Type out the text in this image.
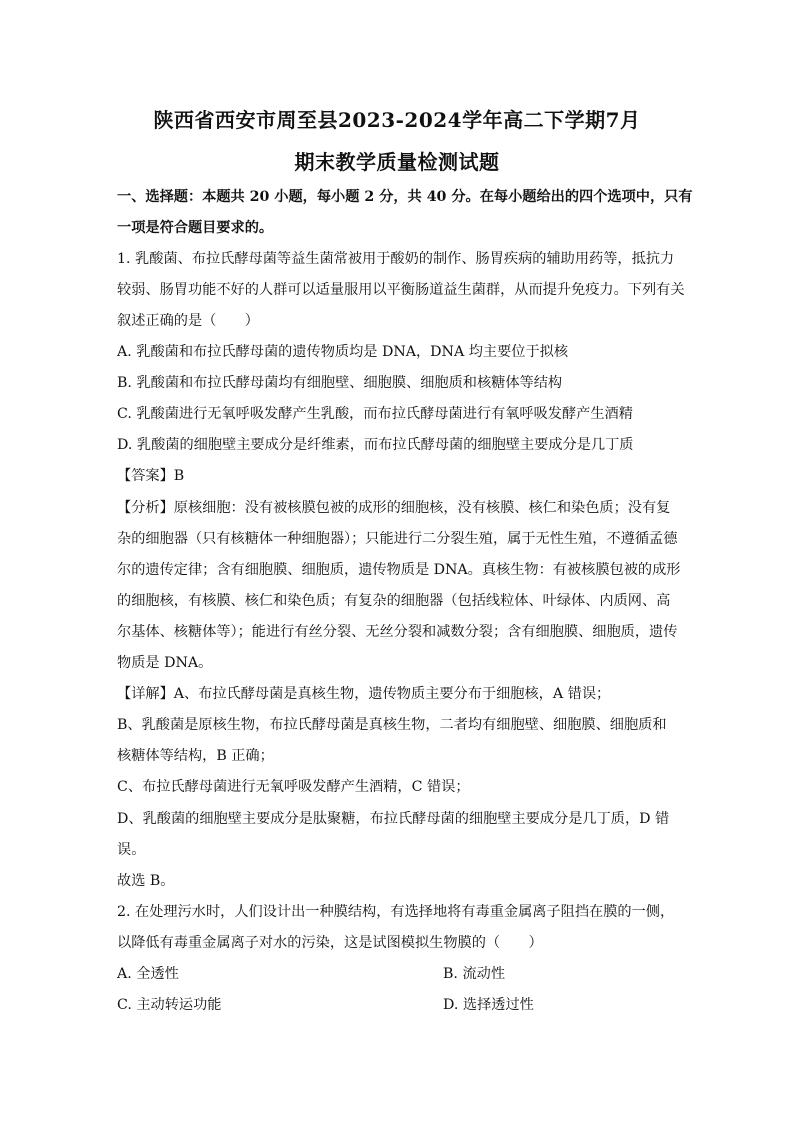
陕西省西安市周至县2023-2024学年高二下学期7月
期末教学质量检测试题
一、选择题：本题共 20 小题，每小题 2 分，共 40 分。在每小题给出的四个选项中，只有
一项是符合题目要求的。
1. 乳酸菌、布拉氏酵母菌等益生菌常被用于酸奶的制作、肠胃疾病的辅助用药等，抵抗力
较弱、肠胃功能不好的人群可以适量服用以平衡肠道益生菌群，从而提升免疫力。下列有关
叙述正确的是（　　）
A. 乳酸菌和布拉氏酵母菌的遗传物质均是 DNA，DNA 均主要位于拟核
B. 乳酸菌和布拉氏酵母菌均有细胞壁、细胞膜、细胞质和核糖体等结构
C. 乳酸菌进行无氧呼吸发酵产生乳酸，而布拉氏酵母菌进行有氧呼吸发酵产生酒精
D. 乳酸菌的细胞壁主要成分是纤维素，而布拉氏酵母菌的细胞壁主要成分是几丁质
【答案】B
【分析】原核细胞：没有被核膜包被的成形的细胞核，没有核膜、核仁和染色质；没有复
杂的细胞器（只有核糖体一种细胞器）；只能进行二分裂生殖，属于无性生殖，不遵循孟德
尔的遗传定律；含有细胞膜、细胞质，遗传物质是 DNA。真核生物：有被核膜包被的成形
的细胞核，有核膜、核仁和染色质；有复杂的细胞器（包括线粒体、叶绿体、内质网、高
尔基体、核糖体等）；能进行有丝分裂、无丝分裂和减数分裂；含有细胞膜、细胞质，遗传
物质是 DNA。
【详解】A、布拉氏酵母菌是真核生物，遗传物质主要分布于细胞核，A 错误；
B、乳酸菌是原核生物，布拉氏酵母菌是真核生物，二者均有细胞壁、细胞膜、细胞质和
核糖体等结构，B 正确；
C、布拉氏酵母菌进行无氧呼吸发酵产生酒精，C 错误；
D、乳酸菌的细胞壁主要成分是肽聚糖，布拉氏酵母菌的细胞壁主要成分是几丁质，D 错
误。
故选 B。
2. 在处理污水时，人们设计出一种膜结构，有选择地将有毒重金属离子阻挡在膜的一侧，
以降低有毒重金属离子对水的污染，这是试图模拟生物膜的（　　）
A. 全透性	B. 流动性
C. 主动转运功能	D. 选择透过性
